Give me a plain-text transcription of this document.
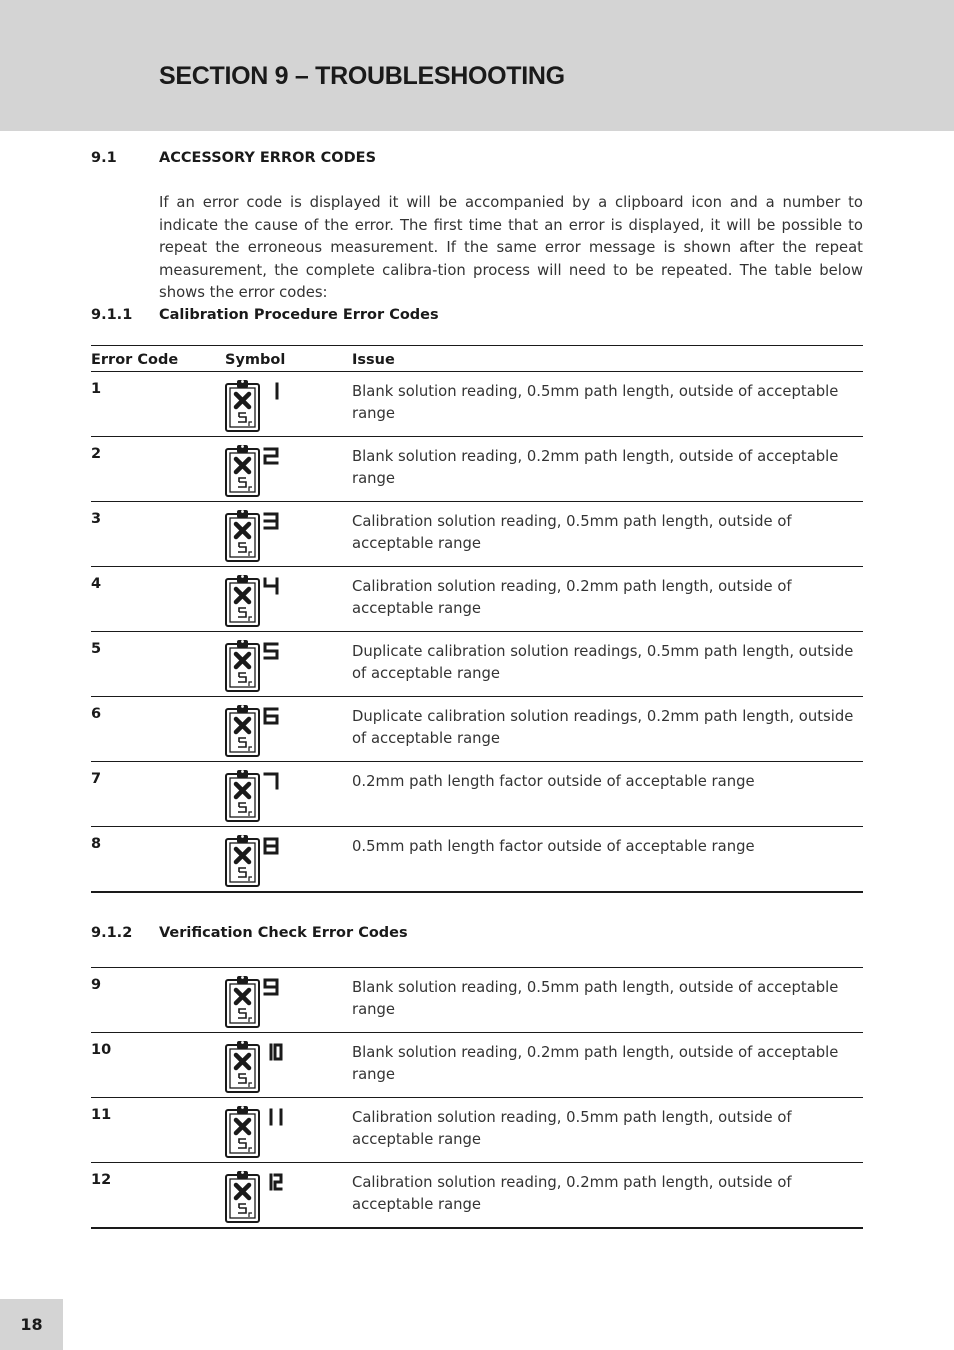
SECTION 9 – TROUBLESHOOTING
9.1	ACCESSORY ERROR CODES

If an error code is displayed it will be accompanied by a clipboard icon and a number to indicate the cause of the error. The first time that an error is displayed, it will be possible to repeat the erroneous measurement. If the same error message is shown after the repeat measurement, the complete calibra-tion process will need to be repeated. The table below shows the error codes:

9.1.1 Calibration Procedure Error Codes
Error Code	Symbol	Issue
1	Blank solution reading, 0.5mm path length, outside of acceptable range
2	Blank solution reading, 0.2mm path length, outside of acceptable range
3	Calibration solution reading, 0.5mm path length, outside of acceptable range
4	Calibration solution reading, 0.2mm path length, outside of acceptable range
5	Duplicate calibration solution readings, 0.5mm path length, outside of acceptable range
6	Duplicate calibration solution readings, 0.2mm path length, outside of acceptable range
7	0.2mm path length factor outside of acceptable range
8	0.5mm path length factor outside of acceptable range
9.1.2 Verification Check Error Codes
9	Blank solution reading, 0.5mm path length, outside of acceptable range
10	Blank solution reading, 0.2mm path length, outside of acceptable range
11	Calibration solution reading, 0.5mm path length, outside of acceptable range
12	Calibration solution reading, 0.2mm path length, outside of acceptable range
18
